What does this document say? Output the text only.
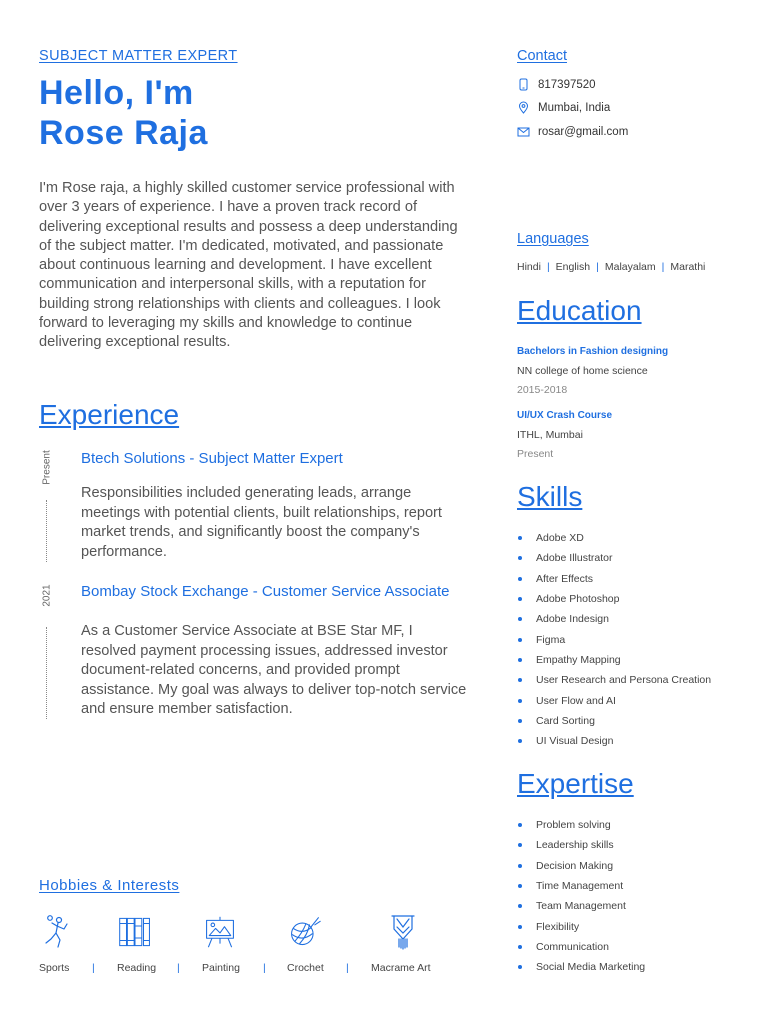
SUBJECT MATTER EXPERT
Hello, I'm
Rose Raja
I'm Rose raja, a highly skilled customer service professional with over 3 years of experience. I have a proven track record of delivering exceptional results and possess a deep understanding of the subject matter. I'm dedicated, motivated, and passionate about continuous learning and development. I have excellent communication and interpersonal skills, with a reputation for building strong relationships with clients and colleagues. I look forward to leveraging my skills and knowledge to continue delivering exceptional results.
Experience
Present Btech Solutions - Subject Matter Expert
Responsibilities included generating leads, arrange meetings with potential clients, built relationships, report market trends, and significantly boost the company's performance.
2021 Bombay Stock Exchange - Customer Service Associate
As a Customer Service Associate at BSE Star MF, I resolved payment processing issues, addressed investor document-related concerns, and provided prompt assistance. My goal was always to deliver top-notch service and ensure member satisfaction.
Hobbies & Interests
Sports | Reading | Painting | Crochet | Macrame Art
Contact
817397520
Mumbai, India
rosar@gmail.com
Languages
Hindi | English | Malayalam | Marathi
Education
Bachelors in Fashion designing
NN college of home science
2015-2018
UI/UX Crash Course
ITHL, Mumbai
Present
Skills
Adobe XD
Adobe Illustrator
After Effects
Adobe Photoshop
Adobe Indesign
Figma
Empathy Mapping
User Research and Persona Creation
User Flow and AI
Card Sorting
UI Visual Design
Expertise
Problem solving
Leadership skills
Decision Making
Time Management
Team Management
Flexibility
Communication
Social Media Marketing
